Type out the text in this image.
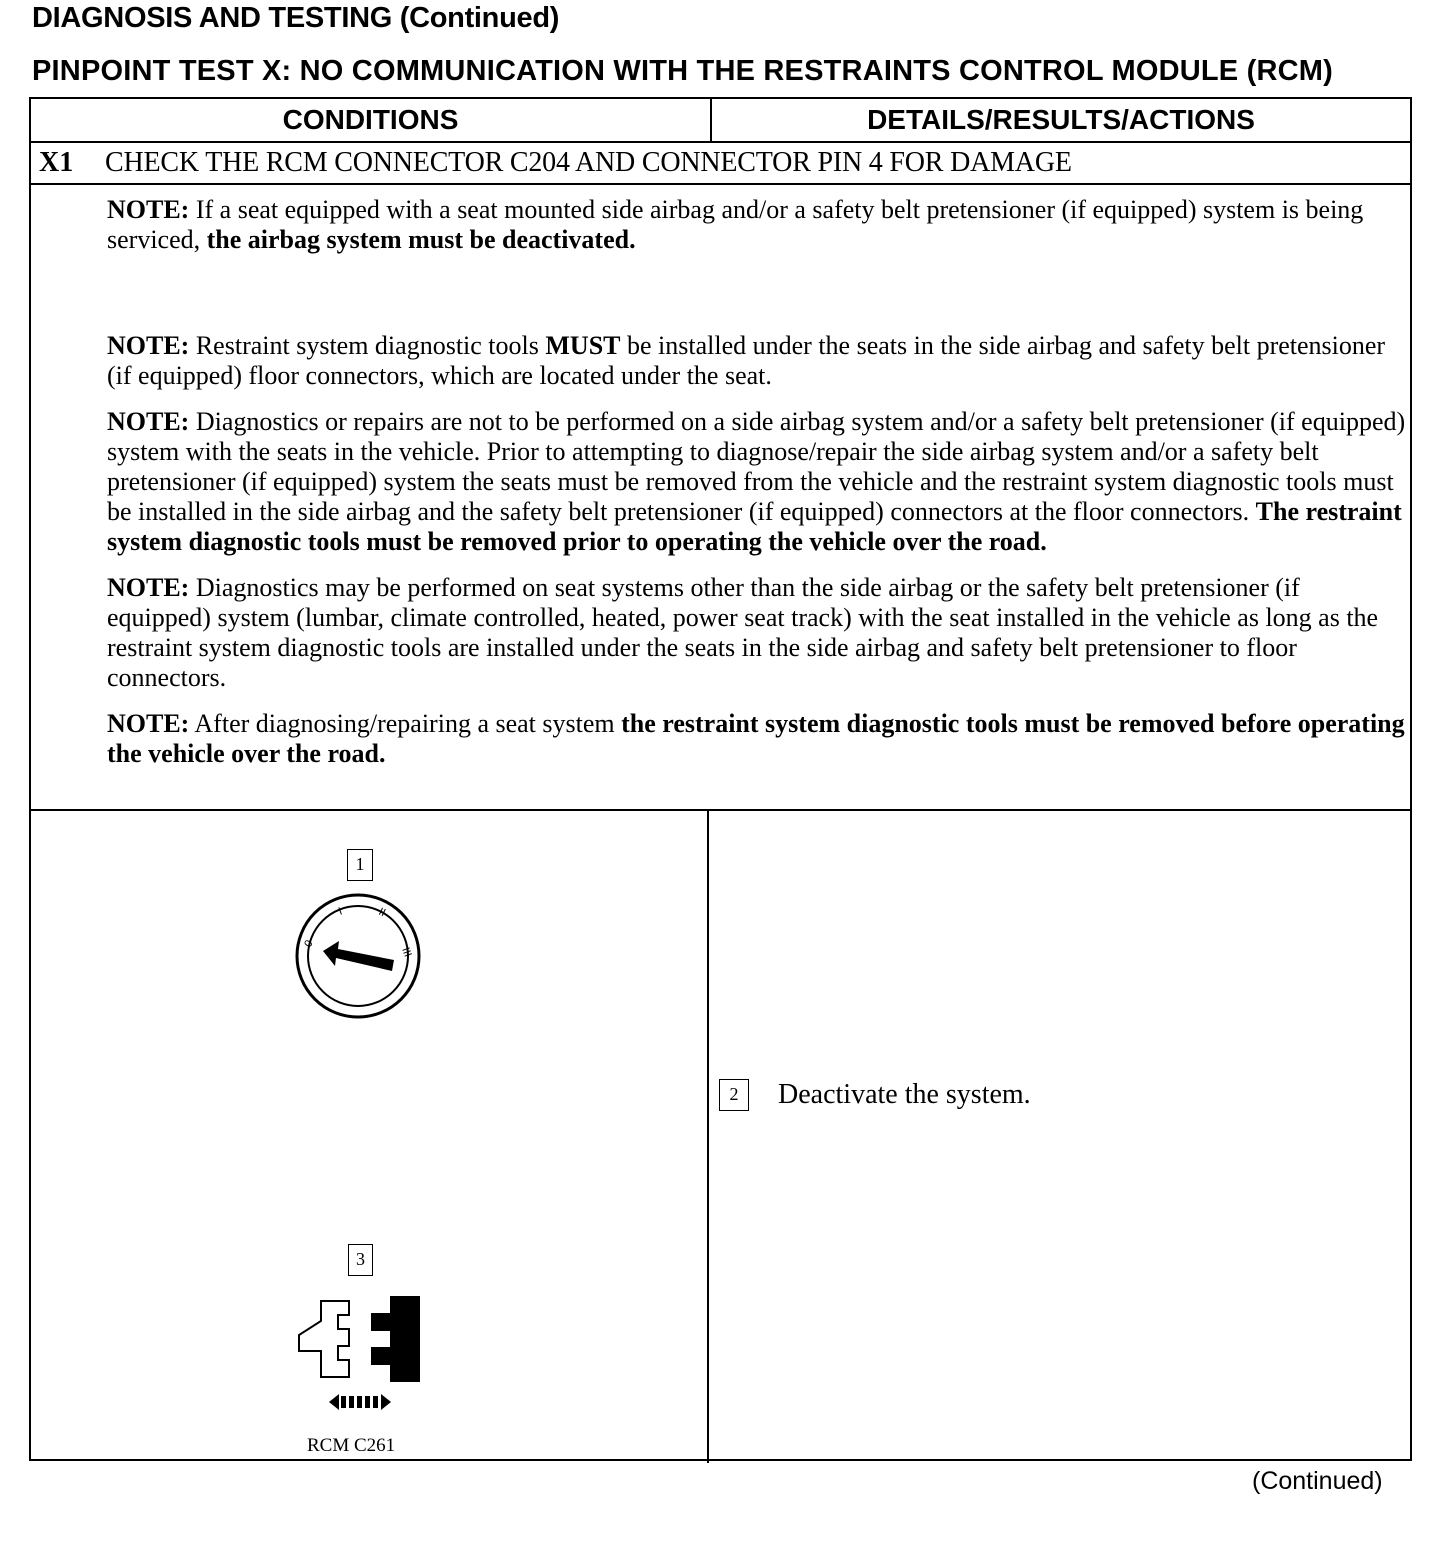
DIAGNOSIS AND TESTING (Continued)
PINPOINT TEST X: NO COMMUNICATION WITH THE RESTRAINTS CONTROL MODULE (RCM)
CONDITIONS	DETAILS/RESULTS/ACTIONS
X1 CHECK THE RCM CONNECTOR C204 AND CONNECTOR PIN 4 FOR DAMAGE

NOTE: If a seat equipped with a seat mounted side airbag and/or a safety belt pretensioner (if equipped) system is being serviced, the airbag system must be deactivated.

NOTE: Restraint system diagnostic tools MUST be installed under the seats in the side airbag and safety belt pretensioner (if equipped) floor connectors, which are located under the seat.

NOTE: Diagnostics or repairs are not to be performed on a side airbag system and/or a safety belt pretensioner (if equipped) system with the seats in the vehicle. Prior to attempting to diagnose/repair the side airbag system and/or a safety belt pretensioner (if equipped) system the seats must be removed from the vehicle and the restraint system diagnostic tools must be installed in the side airbag and the safety belt pretensioner (if equipped) connectors at the floor connectors. The restraint system diagnostic tools must be removed prior to operating the vehicle over the road.

NOTE: Diagnostics may be performed on seat systems other than the side airbag or the safety belt pretensioner (if equipped) system (lumbar, climate controlled, heated, power seat track) with the seat installed in the vehicle as long as the restraint system diagnostic tools are installed under the seats in the side airbag and safety belt pretensioner to floor connectors.

NOTE: After diagnosing/repairing a seat system the restraint system diagnostic tools must be removed before operating the vehicle over the road.

1
0
I	II
III
2	Deactivate the system.
3
RCM C261
(Continued)
